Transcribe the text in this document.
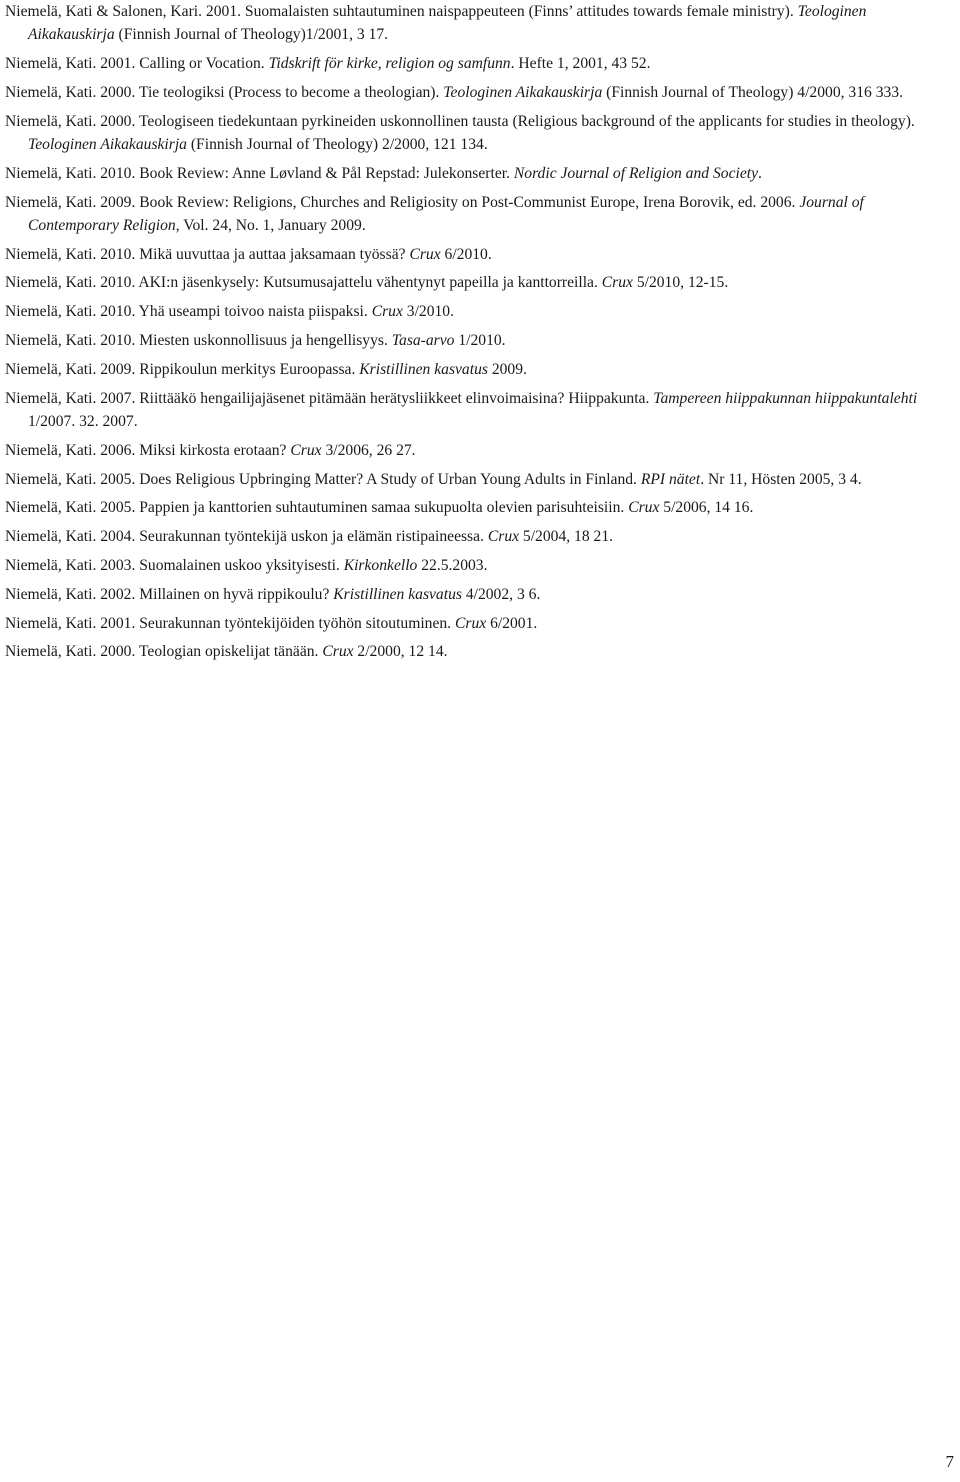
Niemelä, Kati & Salonen, Kari. 2001. Suomalaisten suhtautuminen naispappeuteen (Finns’ attitudes towards female ministry). Teologinen Aikakauskirja (Finnish Journal of Theology)1/2001, 3 17.

Niemelä, Kati. 2001. Calling or Vocation. Tidskrift för kirke, religion og samfunn. Hefte 1, 2001, 43 52.

Niemelä, Kati. 2000. Tie teologiksi (Process to become a theologian). Teologinen Aikakauskirja (Finnish Journal of Theology) 4/2000, 316 333.

Niemelä, Kati. 2000. Teologiseen tiedekuntaan pyrkineiden uskonnollinen tausta (Religious background of the applicants for studies in theology). Teologinen Aikakauskirja (Finnish Journal of Theology) 2/2000, 121 134.

Niemelä, Kati. 2010. Book Review: Anne Løvland & Pål Repstad: Julekonserter. Nordic Journal of Religion and Society.

Niemelä, Kati. 2009. Book Review: Religions, Churches and Religiosity on Post-Communist Europe, Irena Borovik, ed. 2006. Journal of Contemporary Religion, Vol. 24, No. 1, January 2009.

Niemelä, Kati. 2010. Mikä uuvuttaa ja auttaa jaksamaan työssä? Crux 6/2010.

Niemelä, Kati. 2010. AKI:n jäsenkysely: Kutsumusajattelu vähentynyt papeilla ja kanttorreilla. Crux 5/2010, 12-15.

Niemelä, Kati. 2010. Yhä useampi toivoo naista piispaksi. Crux 3/2010.

Niemelä, Kati. 2010. Miesten uskonnollisuus ja hengellisyys. Tasa-arvo 1/2010.

Niemelä, Kati. 2009. Rippikoulun merkitys Euroopassa. Kristillinen kasvatus 2009.

Niemelä, Kati. 2007. Riittääkö hengailijajäsenet pitämään herätysliikkeet elinvoimaisina? Hiippakunta. Tampereen hiippakunnan hiippakuntalehti 1/2007. 32. 2007.

Niemelä, Kati. 2006. Miksi kirkosta erotaan? Crux 3/2006, 26 27.

Niemelä, Kati. 2005. Does Religious Upbringing Matter? A Study of Urban Young Adults in Finland. RPI nätet. Nr 11, Hösten 2005, 3 4.

Niemelä, Kati. 2005. Pappien ja kanttorien suhtautuminen samaa sukupuolta olevien parisuhteisiin. Crux 5/2006, 14 16.

Niemelä, Kati. 2004. Seurakunnan työntekijä uskon ja elämän ristipaineessa. Crux 5/2004, 18 21.

Niemelä, Kati. 2003. Suomalainen uskoo yksityisesti. Kirkonkello 22.5.2003.

Niemelä, Kati. 2002. Millainen on hyvä rippikoulu? Kristillinen kasvatus 4/2002, 3 6.

Niemelä, Kati. 2001. Seurakunnan työntekijöiden työhön sitoutuminen. Crux 6/2001.

Niemelä, Kati. 2000. Teologian opiskelijat tänään. Crux 2/2000, 12 14.

7
